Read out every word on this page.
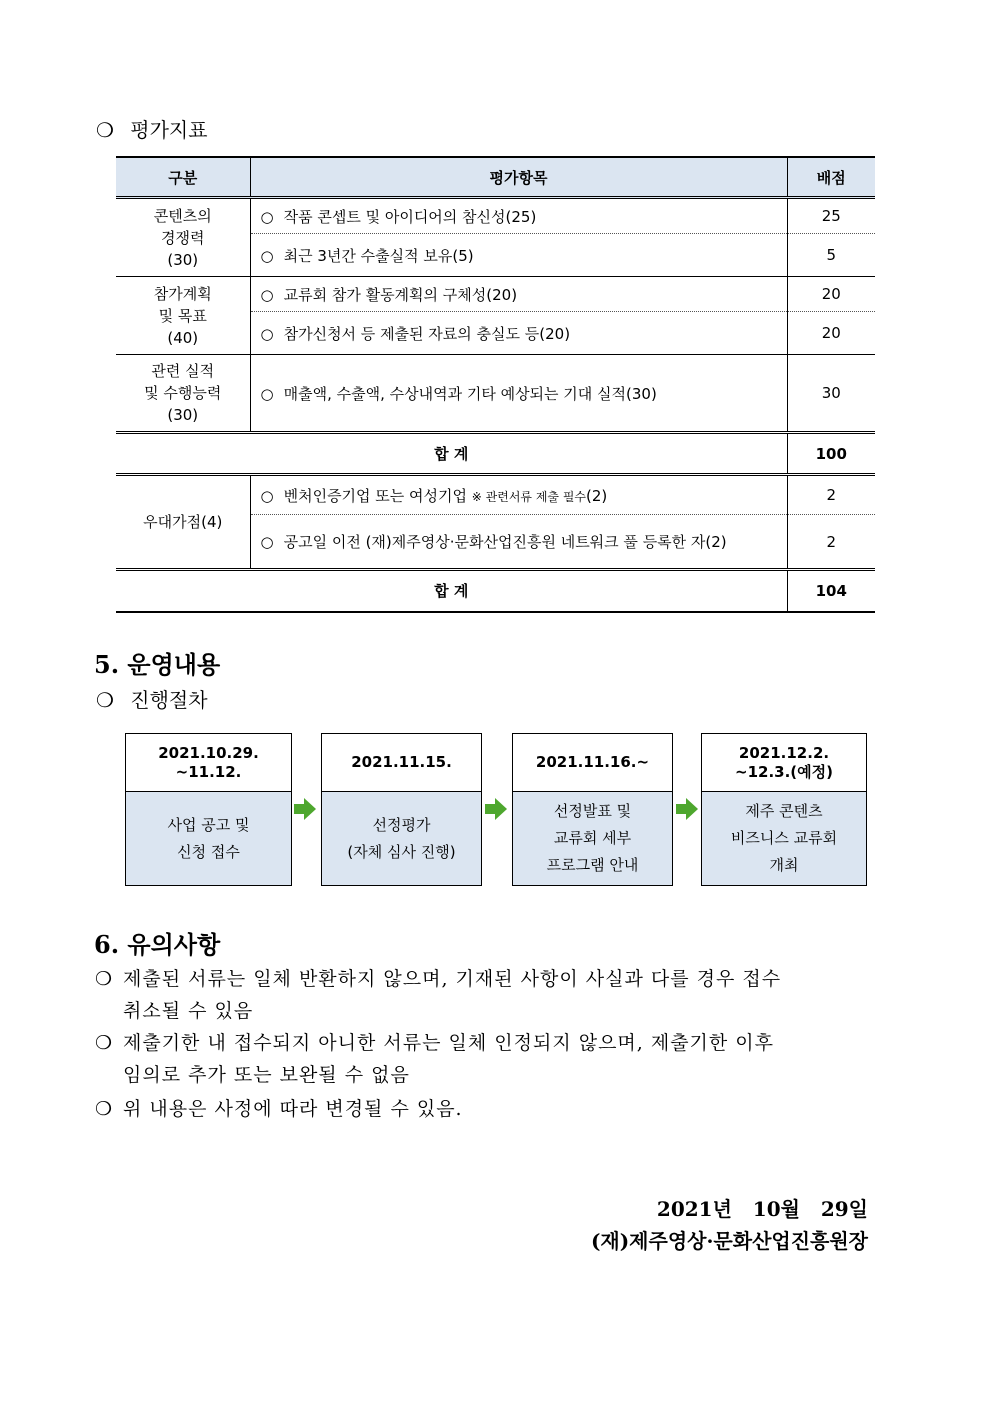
❍ 평가지표
구분	평가항목	배점
콘텐츠의
경쟁력
(30)	○ 작품 콘셉트 및 아이디어의 참신성(25)	25
	○ 최근 3년간 수출실적 보유(5)	5
참가계획
및 목표
(40)	○ 교류회 참가 활동계획의 구체성(20)	20
	○ 참가신청서 등 제출된 자료의 충실도 등(20)	20
관련 실적
및 수행능력
(30)	○ 매출액, 수출액, 수상내역과 기타 예상되는 기대 실적(30)	30
합 계		100
우대가점(4)	○ 벤처인증기업 또는 여성기업 ※ 관련서류 제출 필수(2)	2
	○ 공고일 이전 (재)제주영상·문화산업진흥원 네트워크 풀 등록한 자(2)	2
합 계		104
5. 운영내용
❍ 진행절차
2021.10.29.
~11.12.
사업 공고 및
신청 접수
2021.11.15.
선정평가
(자체 심사 진행)
2021.11.16.~
선정발표 및
교류회 세부
프로그램 안내
2021.12.2.
~12.3.(예정)
제주 콘텐츠
비즈니스 교류회
개최
6. 유의사항
❍ 제출된 서류는 일체 반환하지 않으며, 기재된 사항이 사실과 다를 경우 접수
취소될 수 있음
❍ 제출기한 내 접수되지 아니한 서류는 일체 인정되지 않으며, 제출기한 이후
임의로 추가 또는 보완될 수 없음
❍ 위 내용은 사정에 따라 변경될 수 있음.
2021년   10월   29일
(재)제주영상·문화산업진흥원장
